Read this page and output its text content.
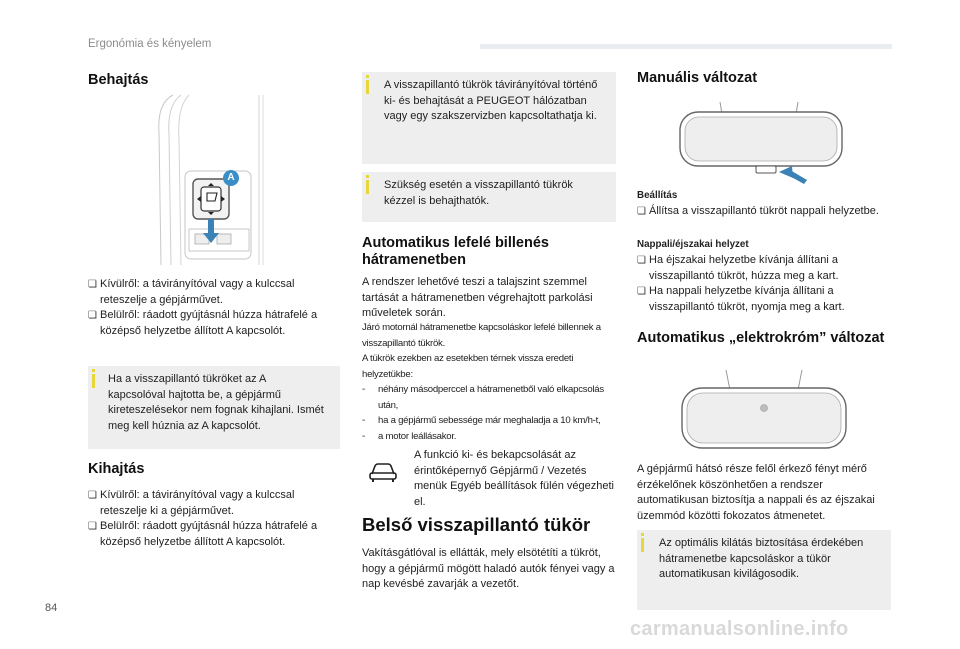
Ergonómia és kényelem
Behajtás
A
❏ Kívülről: a távirányítóval vagy a kulccsal reteszelje a gépjárművet.
❏ Belülről: ráadott gyújtásnál húzza hátrafelé a középső helyzetbe állított A kapcsolót.
Ha a visszapillantó tükröket az A kapcsolóval hajtotta be, a gépjármű kireteszelésekor nem fognak kihajlani. Ismét meg kell húznia az A kapcsolót.
Kihajtás
❏ Kívülről: a távirányítóval vagy a kulccsal reteszelje ki a gépjárművet.
❏ Belülről: ráadott gyújtásnál húzza hátrafelé a középső helyzetbe állított A kapcsolót.
A visszapillantó tükrök távirányítóval történő ki- és behajtását a PEUGEOT hálózatban vagy egy szakszervizben kapcsoltathatja ki.
Szükség esetén a visszapillantó tükrök kézzel is behajthatók.
Automatikus lefelé billenés hátramenetben
A rendszer lehetővé teszi a talajszint szemmel tartását a hátramenetben végrehajtott parkolási műveletek során.
Járó motornál hátramenetbe kapcsoláskor lefelé billennek a visszapillantó tükrök.
A tükrök ezekben az esetekben térnek vissza eredeti helyzetükbe:
- néhány másodperccel a hátramenetből való elkapcsolás után,
- ha a gépjármű sebessége már meghaladja a 10 km/h-t,
- a motor leállásakor.
A funkció ki- és bekapcsolását az érintőképernyő Gépjármű / Vezetés menük Egyéb beállítások fülén végezheti el.
Belső visszapillantó tükör
Vakításgátlóval is ellátták, mely elsötétíti a tükröt, hogy a gépjármű mögött haladó autók fényei vagy a nap kevésbé zavarják a vezetőt.
Manuális változat
Beállítás
❏ Állítsa a visszapillantó tükröt nappali helyzetbe.
Nappali/éjszakai helyzet
❏ Ha éjszakai helyzetbe kívánja állítani a visszapillantó tükröt, húzza meg a kart.
❏ Ha nappali helyzetbe kívánja állítani a visszapillantó tükröt, nyomja meg a kart.
Automatikus „elektrokróm” változat
A gépjármű hátsó része felől érkező fényt mérő érzékelőnek köszönhetően a rendszer automatikusan biztosítja a nappali és az éjszakai üzemmód közötti fokozatos átmenetet.
Az optimális kilátás biztosítása érdekében hátramenetbe kapcsoláskor a tükör automatikusan kivilágosodik.
84
carmanualsonline.info
